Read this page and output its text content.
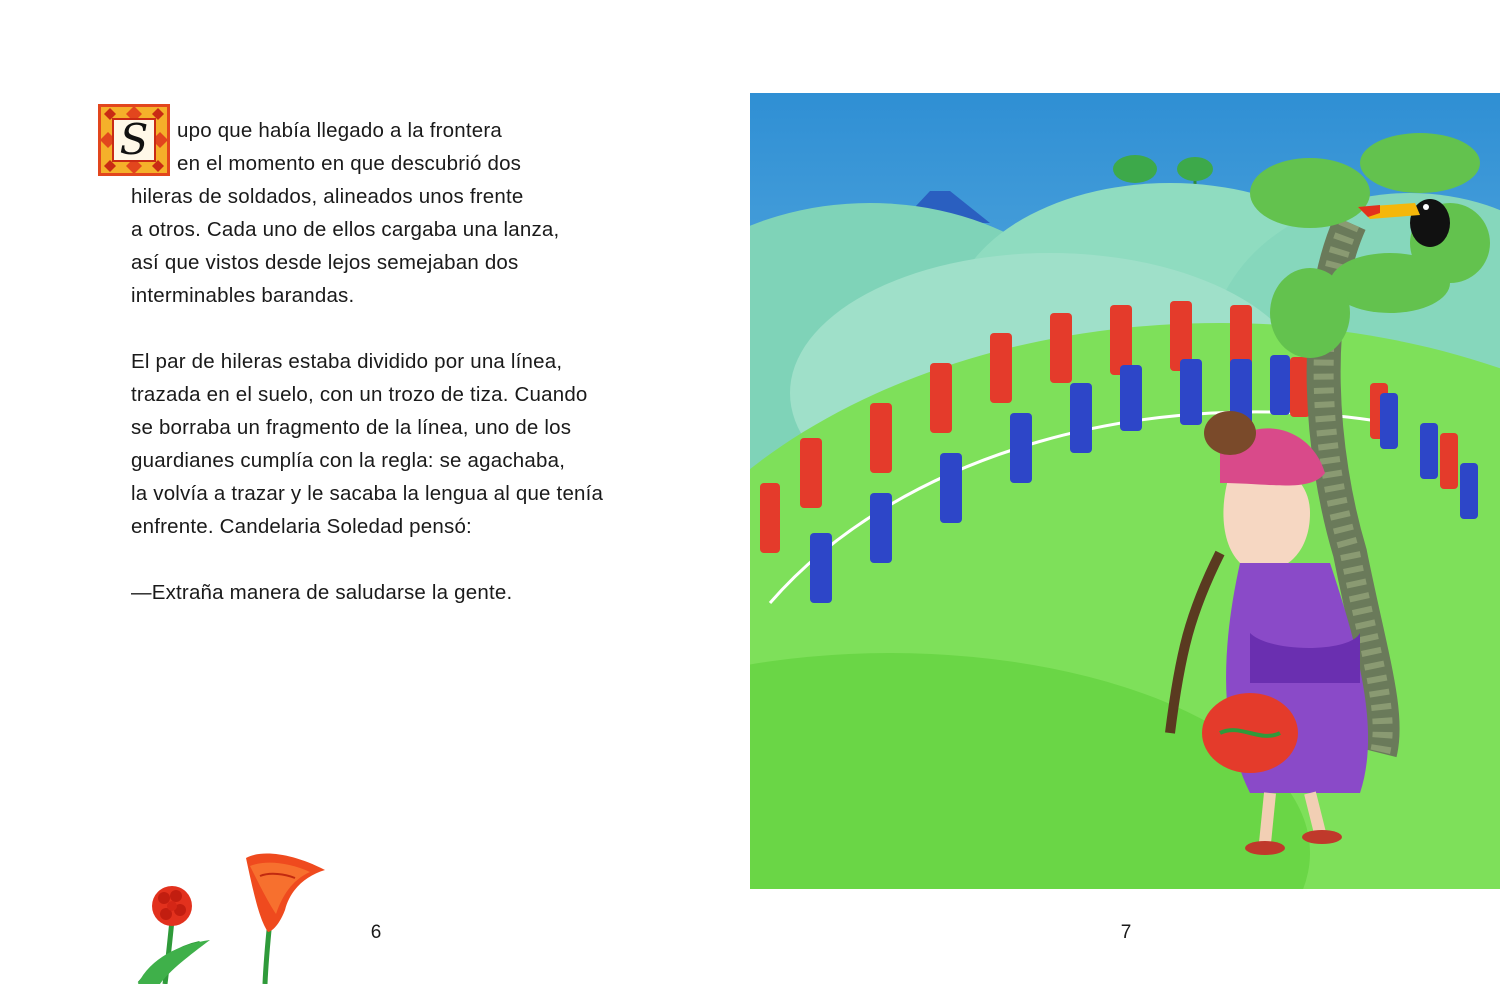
S	upo que había llegado a la frontera
en el momento en que descubrió dos
hileras de soldados, alineados unos frente
a otros. Cada uno de ellos cargaba una lanza,
así que vistos desde lejos semejaban dos
interminables barandas.
El par de hileras estaba dividido por una línea,
trazada en el suelo, con un trozo de tiza. Cuando
se borraba un fragmento de la línea, uno de los
guardianes cumplía con la regla: se agachaba,
la volvía a trazar y le sacaba la lengua al que tenía
enfrente. Candelaria Soledad pensó:
—Extraña manera de saludarse la gente.
6	7
